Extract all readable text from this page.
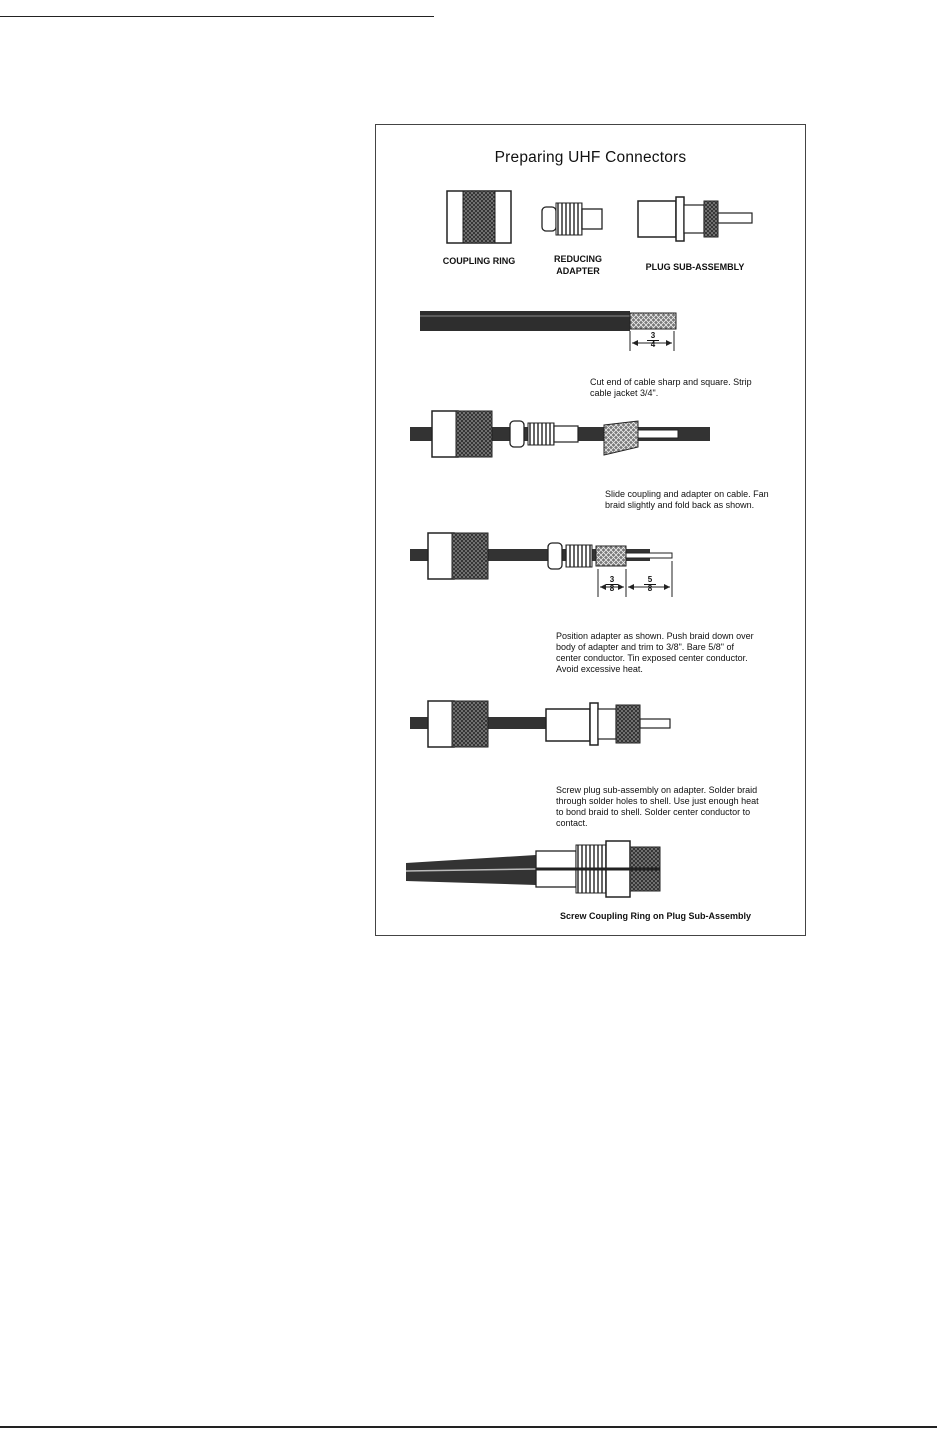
Preparing UHF Connectors
COUPLING RING	REDUCING ADAPTER	PLUG SUB-ASSEMBLY
$\frac{3}{4}$
$\frac{3}{8}$	$\frac{5}{8}$
Cut end of cable sharp and square. Strip
cable jacket 3/4".
Slide coupling and adapter on cable. Fan
braid slightly and fold back as shown.
Position adapter as shown. Push braid down over
body of adapter and trim to 3/8". Bare 5/8" of
center conductor. Tin exposed center conductor.
Avoid excessive heat.
Screw plug sub-assembly on adapter. Solder braid
through solder holes to shell. Use just enough heat
to bond braid to shell. Solder center conductor to
contact.
Screw Coupling Ring on Plug Sub-Assembly
